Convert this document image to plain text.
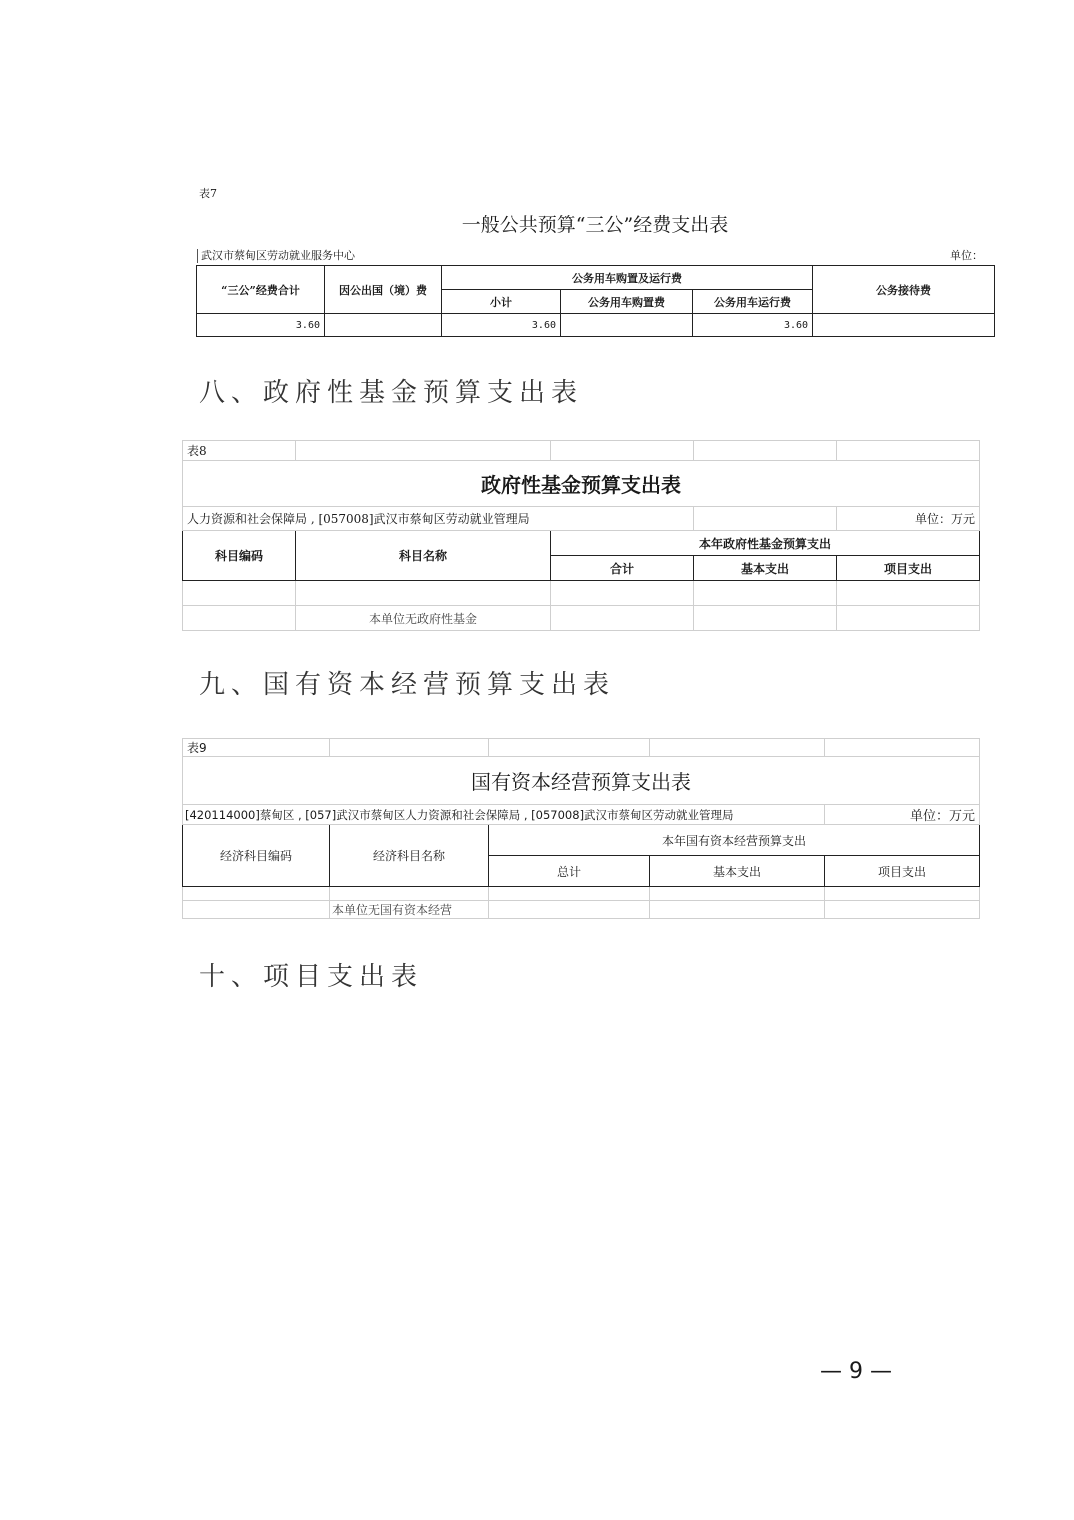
表7
一般公共预算“三公”经费支出表
武汉市蔡甸区劳动就业服务中心	单位：
“三公”经费合计	因公出国（境）费	公务用车购置及运行费			公务接待费
		小计	公务用车购置费	公务用车运行费	
3.60		3.60		3.60	
八、政府性基金预算支出表
表8				
政府性基金预算支出表				
人力资源和社会保障局 , [057008]武汉市蔡甸区劳动就业管理局				单位：万元
科目编码	科目名称	本年政府性基金预算支出		
		合计	基本支出	项目支出

	本单位无政府性基金			
九、国有资本经营预算支出表
表9				
国有资本经营预算支出表				
[420114000]蔡甸区 , [057]武汉市蔡甸区人力资源和社会保障局 , [057008]武汉市蔡甸区劳动就业管理局				单位：万元
经济科目编码	经济科目名称	本年国有资本经营预算支出		
		总计	基本支出	项目支出

	本单位无国有资本经营			
十、项目支出表
— 9 —
